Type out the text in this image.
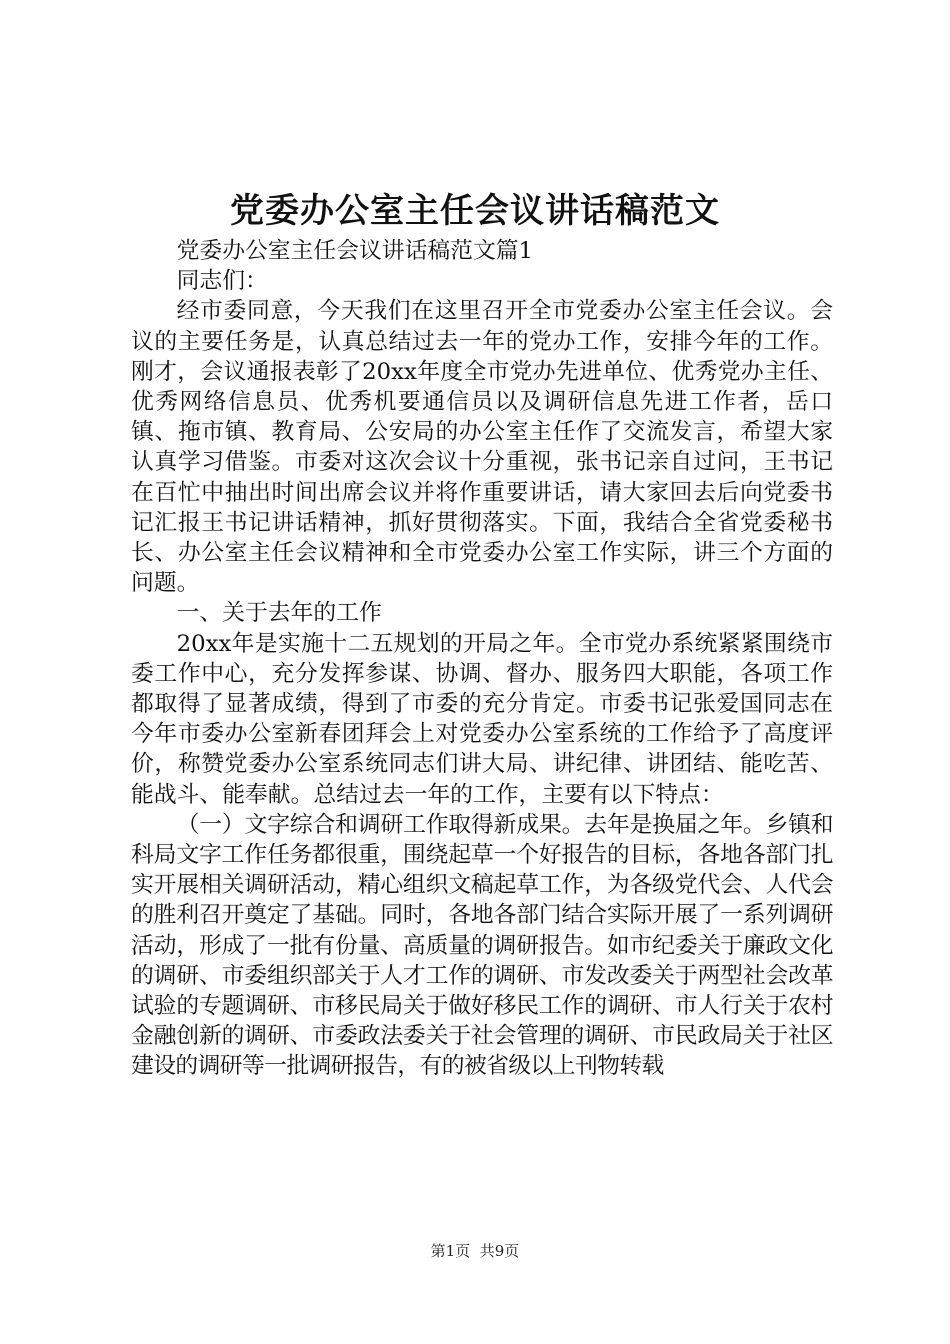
党委办公室主任会议讲话稿范文

党委办公室主任会议讲话稿范文篇1

同志们：

经市委同意，今天我们在这里召开全市党委办公室主任会议。会议的主要任务是，认真总结过去一年的党办工作，安排今年的工作。刚才，会议通报表彰了20xx年度全市党办先进单位、优秀党办主任、优秀网络信息员、优秀机要通信员以及调研信息先进工作者，岳口镇、拖市镇、教育局、公安局的办公室主任作了交流发言，希望大家认真学习借鉴。市委对这次会议十分重视，张书记亲自过问，王书记在百忙中抽出时间出席会议并将作重要讲话，请大家回去后向党委书记汇报王书记讲话精神，抓好贯彻落实。下面，我结合全省党委秘书长、办公室主任会议精神和全市党委办公室工作实际，讲三个方面的问题。

一、关于去年的工作

20xx年是实施十二五规划的开局之年。全市党办系统紧紧围绕市委工作中心，充分发挥参谋、协调、督办、服务四大职能，各项工作都取得了显著成绩，得到了市委的充分肯定。市委书记张爱国同志在今年市委办公室新春团拜会上对党委办公室系统的工作给予了高度评价，称赞党委办公室系统同志们讲大局、讲纪律、讲团结、能吃苦、能战斗、能奉献。总结过去一年的工作，主要有以下特点：

（一）文字综合和调研工作取得新成果。去年是换届之年。乡镇和科局文字工作任务都很重，围绕起草一个好报告的目标，各地各部门扎实开展相关调研活动，精心组织文稿起草工作，为各级党代会、人代会的胜利召开奠定了基础。同时，各地各部门结合实际开展了一系列调研活动，形成了一批有份量、高质量的调研报告。如市纪委关于廉政文化的调研、市委组织部关于人才工作的调研、市发改委关于两型社会改革试验的专题调研、市移民局关于做好移民工作的调研、市人行关于农村金融创新的调研、市委政法委关于社会管理的调研、市民政局关于社区建设的调研等一批调研报告，有的被省级以上刊物转载

第1页 共9页
